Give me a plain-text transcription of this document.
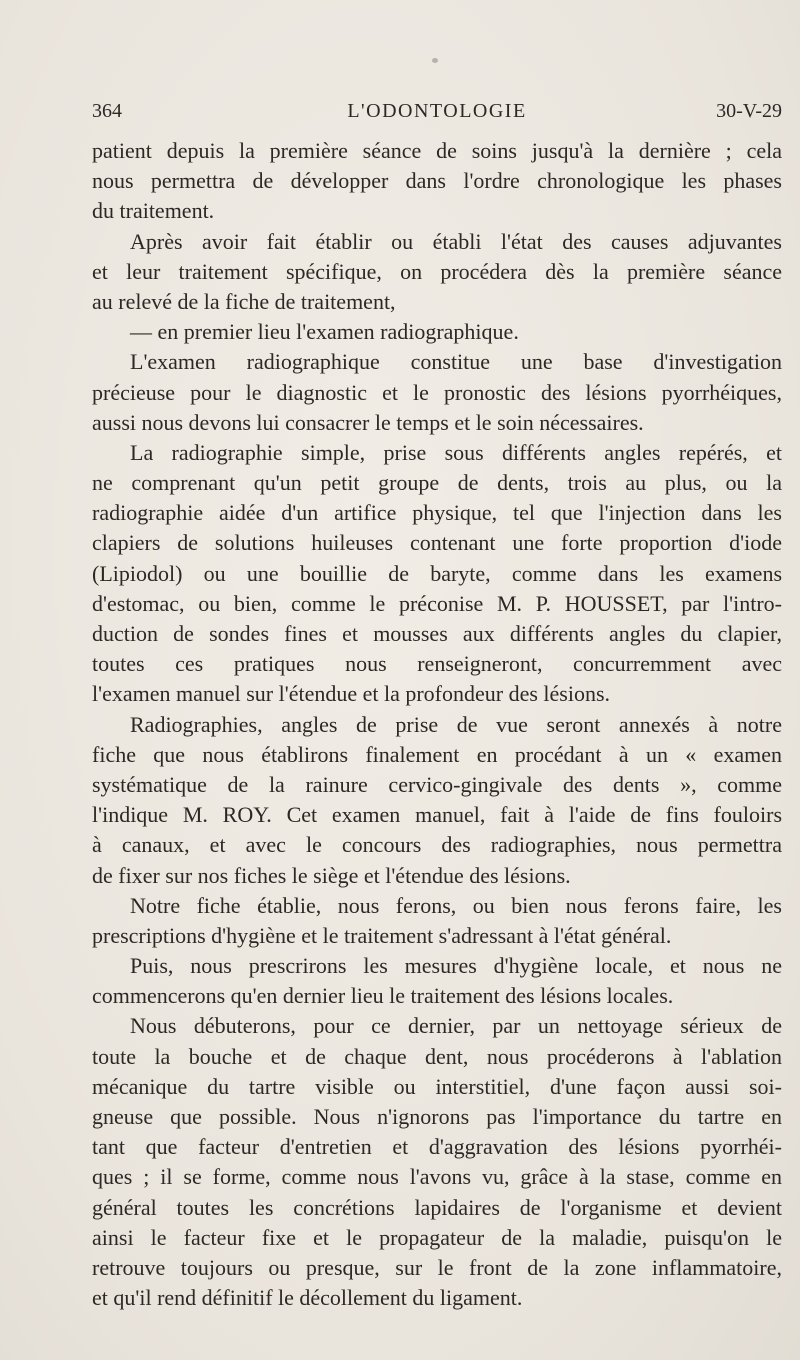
364	L'ODONTOLOGIE	30-V-29
patient depuis la première séance de soins jusqu'à la dernière ; cela
nous permettra de développer dans l'ordre chronologique les phases
du traitement.
Après avoir fait établir ou établi l'état des causes adjuvantes
et leur traitement spécifique, on procédera dès la première séance
au relevé de la fiche de traitement,
— en premier lieu l'examen radiographique.
L'examen radiographique constitue une base d'investigation
précieuse pour le diagnostic et le pronostic des lésions pyorrhéiques,
aussi nous devons lui consacrer le temps et le soin nécessaires.
La radiographie simple, prise sous différents angles repérés, et
ne comprenant qu'un petit groupe de dents, trois au plus, ou la
radiographie aidée d'un artifice physique, tel que l'injection dans les
clapiers de solutions huileuses contenant une forte proportion d'iode
(Lipiodol) ou une bouillie de baryte, comme dans les examens
d'estomac, ou bien, comme le préconise M. P. HOUSSET, par l'intro-
duction de sondes fines et mousses aux différents angles du clapier,
toutes ces pratiques nous renseigneront, concurremment avec
l'examen manuel sur l'étendue et la profondeur des lésions.
Radiographies, angles de prise de vue seront annexés à notre
fiche que nous établirons finalement en procédant à un « examen
systématique de la rainure cervico-gingivale des dents », comme
l'indique M. ROY. Cet examen manuel, fait à l'aide de fins fouloirs
à canaux, et avec le concours des radiographies, nous permettra
de fixer sur nos fiches le siège et l'étendue des lésions.
Notre fiche établie, nous ferons, ou bien nous ferons faire, les
prescriptions d'hygiène et le traitement s'adressant à l'état général.
Puis, nous prescrirons les mesures d'hygiène locale, et nous ne
commencerons qu'en dernier lieu le traitement des lésions locales.
Nous débuterons, pour ce dernier, par un nettoyage sérieux de
toute la bouche et de chaque dent, nous procéderons à l'ablation
mécanique du tartre visible ou interstitiel, d'une façon aussi soi-
gneuse que possible. Nous n'ignorons pas l'importance du tartre en
tant que facteur d'entretien et d'aggravation des lésions pyorrhéi-
ques ; il se forme, comme nous l'avons vu, grâce à la stase, comme en
général toutes les concrétions lapidaires de l'organisme et devient
ainsi le facteur fixe et le propagateur de la maladie, puisqu'on le
retrouve toujours ou presque, sur le front de la zone inflammatoire,
et qu'il rend définitif le décollement du ligament.
